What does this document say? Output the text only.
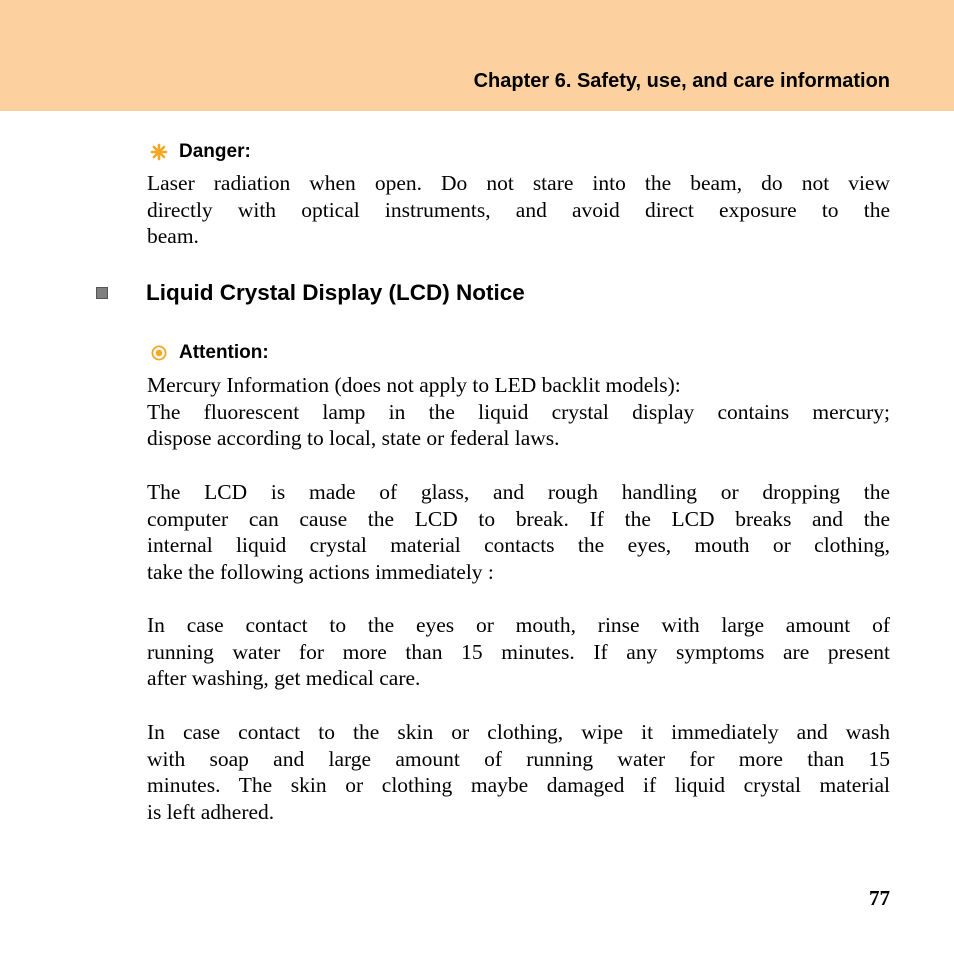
Chapter 6. Safety, use, and care information
Danger:
Laser radiation when open. Do not stare into the beam, do not view
directly with optical instruments, and avoid direct exposure to the
beam.
Liquid Crystal Display (LCD) Notice
Attention:
Mercury Information (does not apply to LED backlit models):
The fluorescent lamp in the liquid crystal display contains mercury;
dispose according to local, state or federal laws.
The LCD is made of glass, and rough handling or dropping the
computer can cause the LCD to break. If the LCD breaks and the
internal liquid crystal material contacts the eyes, mouth or clothing,
take the following actions immediately :
In case contact to the eyes or mouth, rinse with large amount of
running water for more than 15 minutes. If any symptoms are present
after washing, get medical care.
In case contact to the skin or clothing, wipe it immediately and wash
with soap and large amount of running water for more than 15
minutes. The skin or clothing maybe damaged if liquid crystal material
is left adhered.
77
